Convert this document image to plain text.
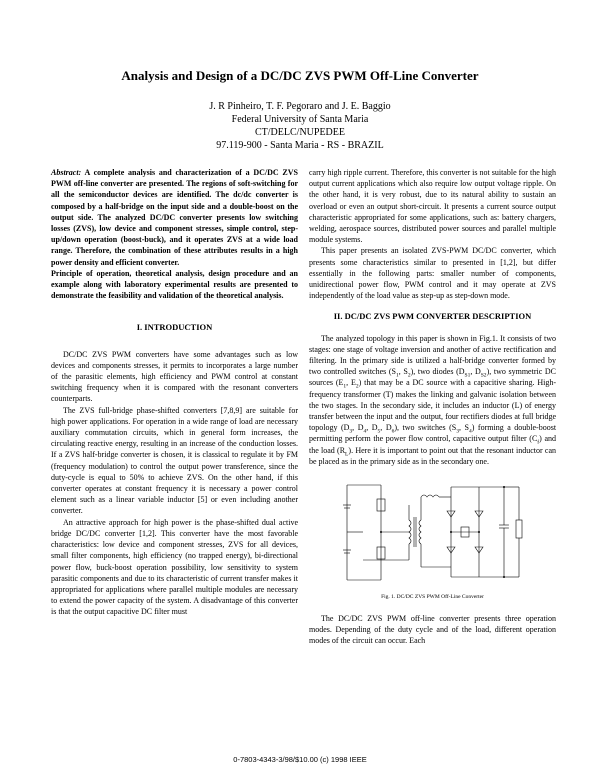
Analysis and Design of a DC/DC ZVS PWM Off-Line Converter
J. R Pinheiro, T. F. Pegoraro and J. E. Baggio
Federal University of Santa Maria
CT/DELC/NUPEDEE
97.119-900 - Santa Maria - RS - BRAZIL

Abstract: A complete analysis and characterization of a DC/DC ZVS PWM off-line converter are presented. The regions of soft-switching for all the semiconductor devices are identified. The dc/dc converter is composed by a half-bridge on the input side and a double-boost on the output side. The analyzed DC/DC converter presents low switching losses (ZVS), low device and component stresses, simple control, step-up/down operation (boost-buck), and it operates ZVS at a wide load range. Therefore, the combination of these attributes results in a high power density and efficient converter.

Principle of operation, theoretical analysis, design procedure and an example along with laboratory experimental results are presented to demonstrate the feasibility and validation of the theoretical analysis.

I. INTRODUCTION

DC/DC ZVS PWM converters have some advantages such as low devices and components stresses, it permits to incorporates a large number of the parasitic elements, high efficiency and PWM control at constant switching frequency when it is compared with the resonant converters counterparts.

The ZVS full-bridge phase-shifted converters [7,8,9] are suitable for high power applications. For operation in a wide range of load are necessary auxiliary commutation circuits, which in general form increases, the circulating reactive energy, resulting in an increase of the conduction losses. If a ZVS half-bridge converter is chosen, it is classical to regulate it by FM (frequency modulation) to control the output power transference, since the duty-cycle is equal to 50% to achieve ZVS. On the other hand, if this converter operates at constant frequency it is necessary a power control element such as a linear variable inductor [5] or even including another converter.

An attractive approach for high power is the phase-shifted dual active bridge DC/DC converter [1,2]. This converter have the most favorable characteristics: low device and component stresses, ZVS for all devices, small filter components, high efficiency (no trapped energy), bi-directional power flow, buck-boost operation possibility, low sensitivity to system parasitic components and due to its characteristic of current transfer makes it appropriated for applications where parallel multiple modules are necessary to extend the power capacity of the system. A disadvantage of this converter is that the output capacitive DC filter must

carry high ripple current. Therefore, this converter is not suitable for the high output current applications which also require low output voltage ripple. On the other hand, it is very robust, due to its natural ability to sustain an overload or even an output short-circuit. It presents a current source output characteristic appropriated for some applications, such as: battery chargers, welding, aerospace sources, distributed power sources and parallel multiple module systems.

This paper presents an isolated ZVS-PWM DC/DC converter, which presents some characteristics similar to presented in [1,2], but differ essentially in the following parts: smaller number of components, unidirectional power flow, PWM control and it may operate at ZVS independently of the load value as step-up as step-down mode.

II. DC/DC ZVS PWM CONVERTER DESCRIPTION

The analyzed topology in this paper is shown in Fig.1. It consists of two stages: one stage of voltage inversion and another of active rectification and filtering. In the primary side is utilized a half-bridge converter formed by two controlled switches ($S_1$, $S_2$), two diodes ($D_{S1}$, $D_{S2}$), two symmetric DC sources ($E_1$, $E_2$) that may be a DC source with a capacitive sharing. High-frequency transformer (T) makes the linking and galvanic isolation between the two stages. In the secondary side, it includes an inductor (L) of energy transfer between the input and the output, four rectifiers diodes at full bridge topology ($D_3$, $D_4$, $D_5$, $D_6$), two switches ($S_3$, $S_4$) forming a double-boost permitting perform the power flow control, capacitive output filter $(C_f)$ and the load $(R_L)$. Here it is important to point out that the resonant inductor can be placed as in the primary side as in the secondary one.

Fig. 1. DC/DC ZVS PWM Off-Line Converter

The DC/DC ZVS PWM off-line converter presents three operation modes. Depending of the duty cycle and of the load, different operation modes of the circuit can occur. Each

0-7803-4343-3/98/$10.00 (c) 1998 IEEE
